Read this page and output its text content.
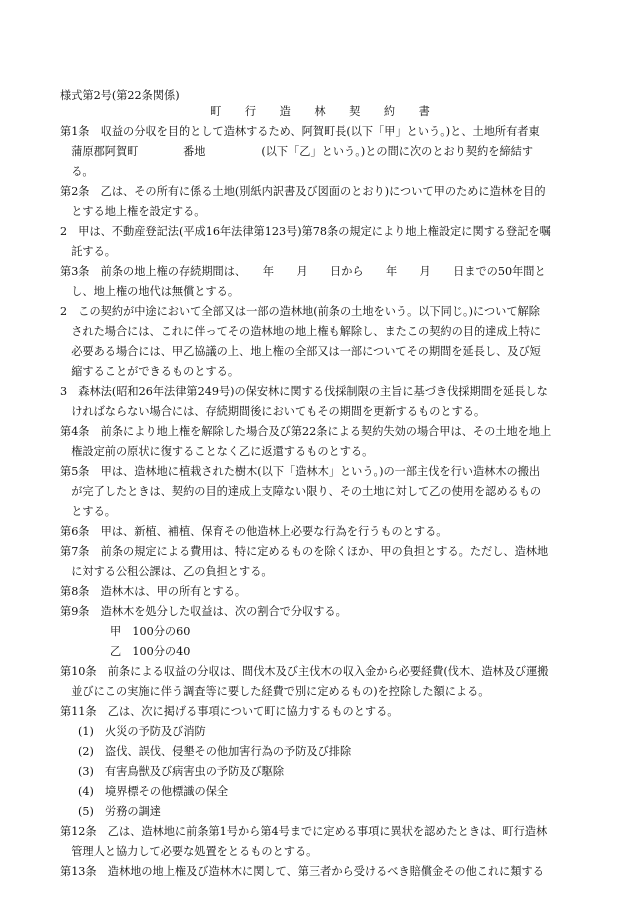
様式第2号(第22条関係)
町 行 造 林 契 約 書
第1条　収益の分収を目的として造林するため、阿賀町長(以下「甲」という。)と、土地所有者東
　蒲原郡阿賀町　　　　番地　　　　　(以下「乙」という。)との間に次のとおり契約を締結す
　る。
第2条　乙は、その所有に係る土地(別紙内訳書及び図面のとおり)について甲のために造林を目的
　とする地上権を設定する。
2　甲は、不動産登記法(平成16年法律第123号)第78条の規定により地上権設定に関する登記を嘱
　託する。
第3条　前条の地上権の存続期間は、　　年　　月　　日から　　年　　月　　日までの50年間と
　し、地上権の地代は無償とする。
2　この契約が中途において全部又は一部の造林地(前条の土地をいう。以下同じ。)について解除
　された場合には、これに伴ってその造林地の地上権も解除し、またこの契約の目的達成上特に
　必要ある場合には、甲乙協議の上、地上権の全部又は一部についてその期間を延長し、及び短
　縮することができるものとする。
3　森林法(昭和26年法律第249号)の保安林に関する伐採制限の主旨に基づき伐採期間を延長しな
　ければならない場合には、存続期間後においてもその期間を更新するものとする。
第4条　前条により地上権を解除した場合及び第22条による契約失効の場合甲は、その土地を地上
　権設定前の原状に復することなく乙に返還するものとする。
第5条　甲は、造林地に植栽された樹木(以下「造林木」という。)の一部主伐を行い造林木の搬出
　が完了したときは、契約の目的達成上支障ない限り、その土地に対して乙の使用を認めるもの
　とする。
第6条　甲は、新植、補植、保育その他造林上必要な行為を行うものとする。
第7条　前条の規定による費用は、特に定めるものを除くほか、甲の負担とする。ただし、造林地
　に対する公租公課は、乙の負担とする。
第8条　造林木は、甲の所有とする。
第9条　造林木を処分した収益は、次の割合で分収する。
甲　100分の60
乙　100分の40
第10条　前条による収益の分収は、間伐木及び主伐木の収入金から必要経費(伐木、造林及び運搬
　並びにこの実施に伴う調査等に要した経費で別に定めるもの)を控除した額による。
第11条　乙は、次に掲げる事項について町に協力するものとする。
(1)　火災の予防及び消防
(2)　盗伐、誤伐、侵墾その他加害行為の予防及び排除
(3)　有害鳥獣及び病害虫の予防及び駆除
(4)　境界標その他標識の保全
(5)　労務の調達
第12条　乙は、造林地に前条第1号から第4号までに定める事項に異状を認めたときは、町行造林
　管理人と協力して必要な処置をとるものとする。
第13条　造林地の地上権及び造林木に関して、第三者から受けるべき賠償金その他これに類する
